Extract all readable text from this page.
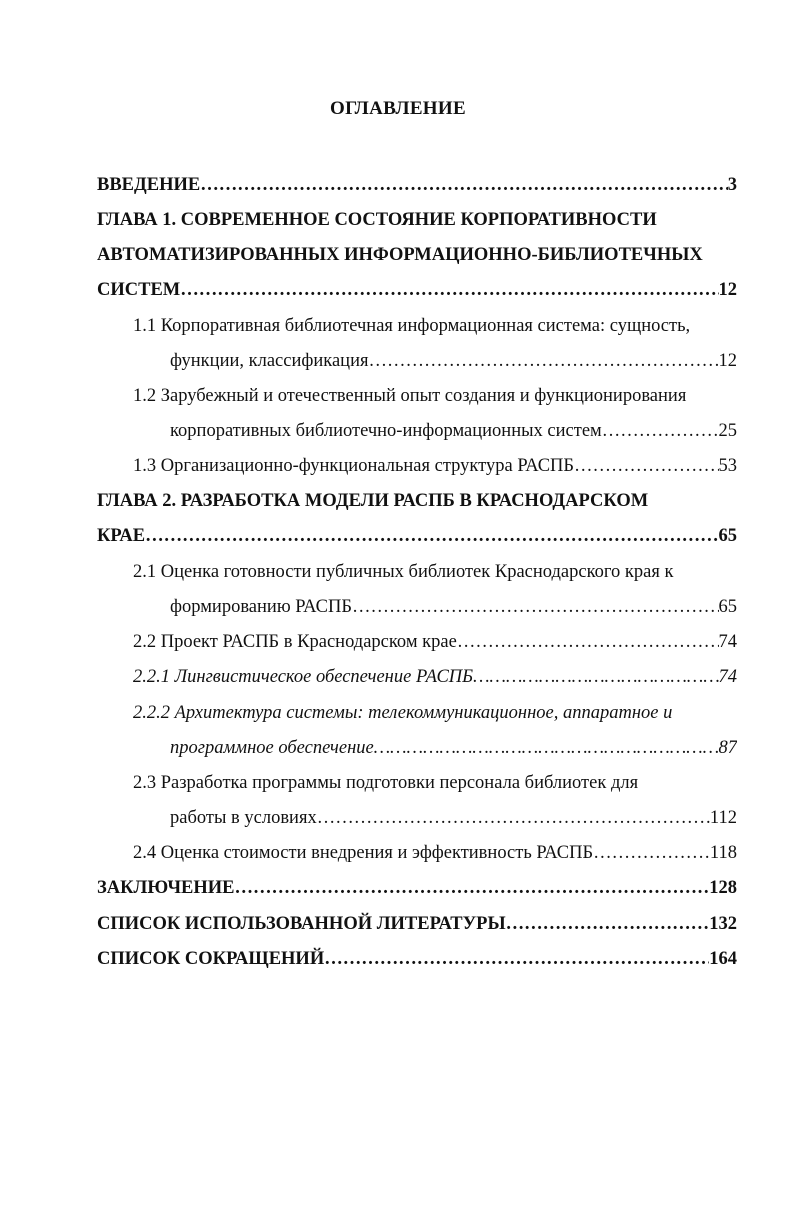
ОГЛАВЛЕНИЕ
ВВЕДЕНИЕ …………………………………………………………………………………………………………………………………………………………………………	3
ГЛАВА 1. СОВРЕМЕННОЕ СОСТОЯНИЕ КОРПОРАТИВНОСТИ
АВТОМАТИЗИРОВАННЫХ ИНФОРМАЦИОННО-БИБЛИОТЕЧНЫХ
СИСТЕМ …………………………………………………………………………………………………………………………………………………………………………	12
1.1 Корпоративная библиотечная информационная система: сущность,
функции, классификация …………………………………………………………………………………………………………………………………………………………………………	12
1.2 Зарубежный и отечественный опыт создания и функционирования
корпоративных библиотечно-информационных систем …………………………………………………………………………………………………………………………………………………………………………	25
1.3 Организационно-функциональная структура РАСПБ …………………………………………………………………………………………………………………………………………………………………………	53
ГЛАВА 2. РАЗРАБОТКА МОДЕЛИ РАСПБ В КРАСНОДАРСКОМ
КРАЕ …………………………………………………………………………………………………………………………………………………………………………	65
2.1 Оценка готовности публичных библиотек Краснодарского края к
формированию РАСПБ …………………………………………………………………………………………………………………………………………………………………………	65
2.2 Проект РАСПБ в Краснодарском крае …………………………………………………………………………………………………………………………………………………………………………	74
2.2.1 Лингвистическое обеспечение РАСПБ …………………………………………………………………………………………………………………………………………………………………………	74
2.2.2 Архитектура системы: телекоммуникационное, аппаратное и
программное обеспечение …………………………………………………………………………………………………………………………………………………………………………	87
2.3 Разработка программы подготовки персонала библиотек для
работы в условиях …………………………………………………………………………………………………………………………………………………………………………	112
2.4 Оценка стоимости внедрения и эффективность РАСПБ …………………………………………………………………………………………………………………………………………………………………………	118
ЗАКЛЮЧЕНИЕ …………………………………………………………………………………………………………………………………………………………………………	128
СПИСОК ИСПОЛЬЗОВАННОЙ ЛИТЕРАТУРЫ …………………………………………………………………………………………………………………………………………………………………………	132
СПИСОК СОКРАЩЕНИЙ …………………………………………………………………………………………………………………………………………………………………………	164
